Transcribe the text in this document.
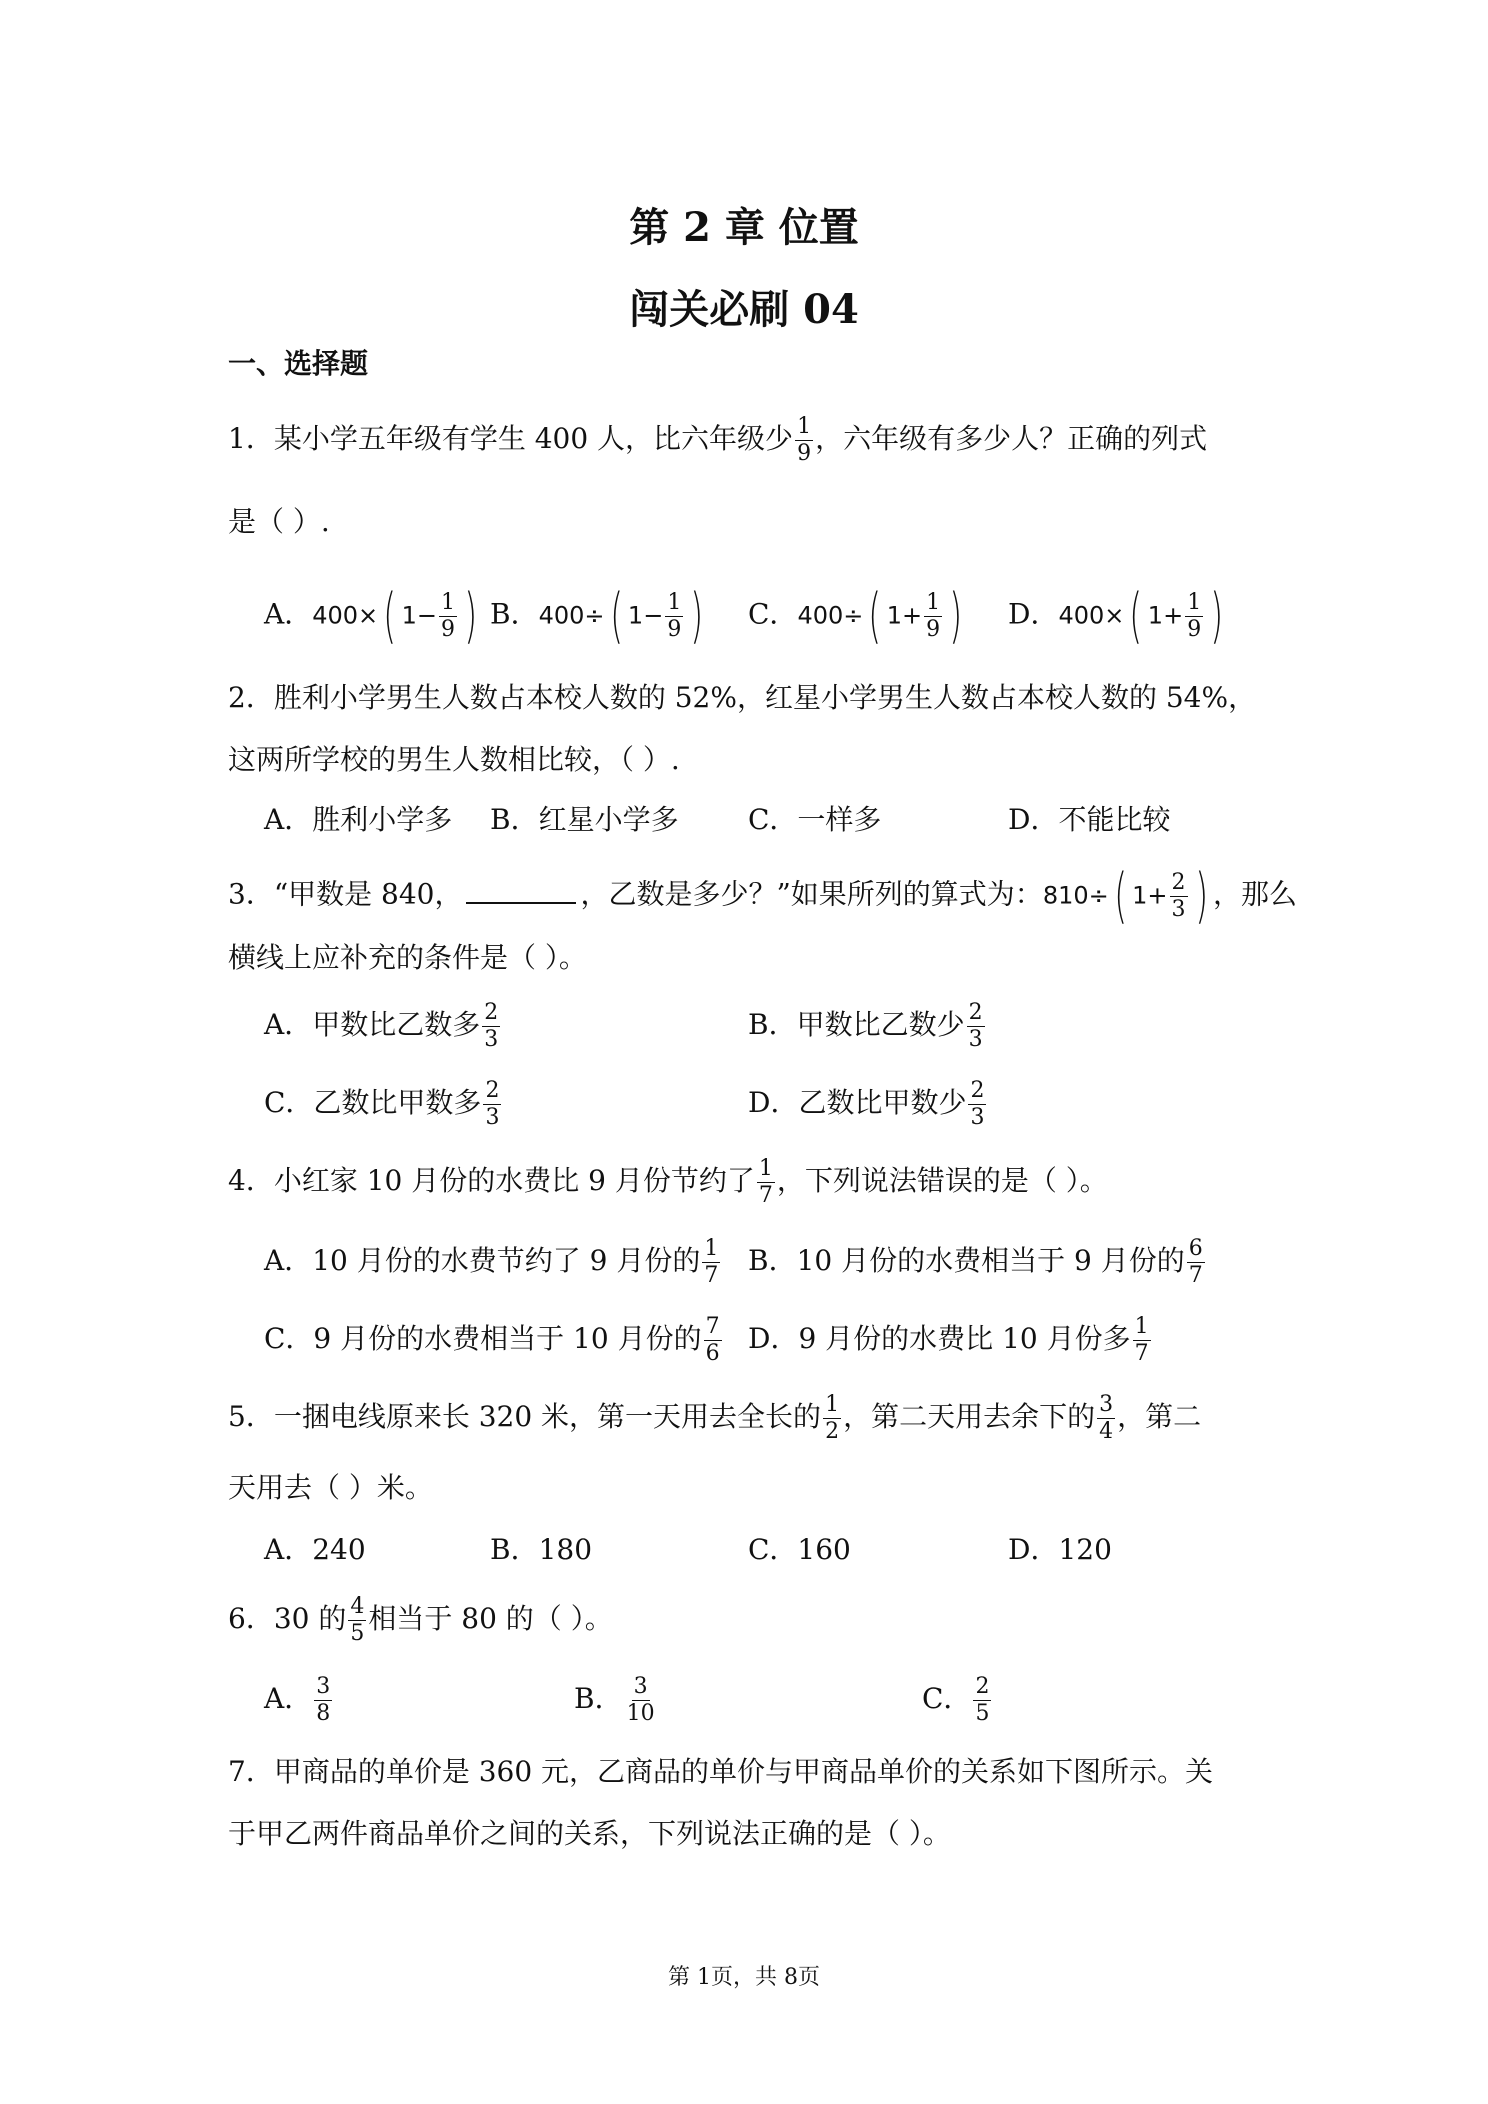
第 2 章 位置
闯关必刷 04
一、选择题
1．某小学五年级有学生 400 人，比六年级少 $\frac{1}{9}$ ，六年级有多少人？正确的列式
是（ ）.
A．400×( $1- \frac{1}{9}$ ) B．400÷( $1- \frac{1}{9}$ ) C．400÷( $1+ \frac{1}{9}$ ) D．400×( $1+ \frac{1}{9}$ )
2．胜利小学男生人数占本校人数的 52%，红星小学男生人数占本校人数的 54%，
这两所学校的男生人数相比较，（ ）.
A．胜利小学多 B．红星小学多 C．一样多	D．不能比较
3．“甲数是 840，	，乙数是多少？”如果所列的算式为：810÷( $1+ \frac{2}{3}$ ) ，那么
横线上应补充的条件是（ ）。
A．甲数比乙数多 $\frac{2}{3}$	B．甲数比乙数少 $\frac{2}{3}$
C．乙数比甲数多 $\frac{2}{3}$	D．乙数比甲数少 $\frac{2}{3}$
4．小红家 10 月份的水费比 9 月份节约了 $\frac{1}{7}$ ，下列说法错误的是（ ）。
A．10 月份的水费节约了 9 月份的 $\frac{1}{7}$ B．10 月份的水费相当于 9 月份的 $\frac{6}{7}$
C．9 月份的水费相当于 10 月份的 $\frac{7}{6}$ D．9 月份的水费比 10 月份多 $\frac{1}{7}$
5．一捆电线原来长 320 米，第一天用去全长的 $\frac{1}{2}$ ，第二天用去余下的 $\frac{3}{4}$ ，第二
天用去（ ）米。
A．240	B．180	C．160	D．120
6．30 的 $\frac{4}{5}$ 相当于 80 的（ ）。
A． $\frac{3}{8}$	B． $\frac{3}{10}$	C． $\frac{2}{5}$
7．甲商品的单价是 360 元，乙商品的单价与甲商品单价的关系如下图所示。关
于甲乙两件商品单价之间的关系，下列说法正确的是（ ）。
第 1页，共 8页
